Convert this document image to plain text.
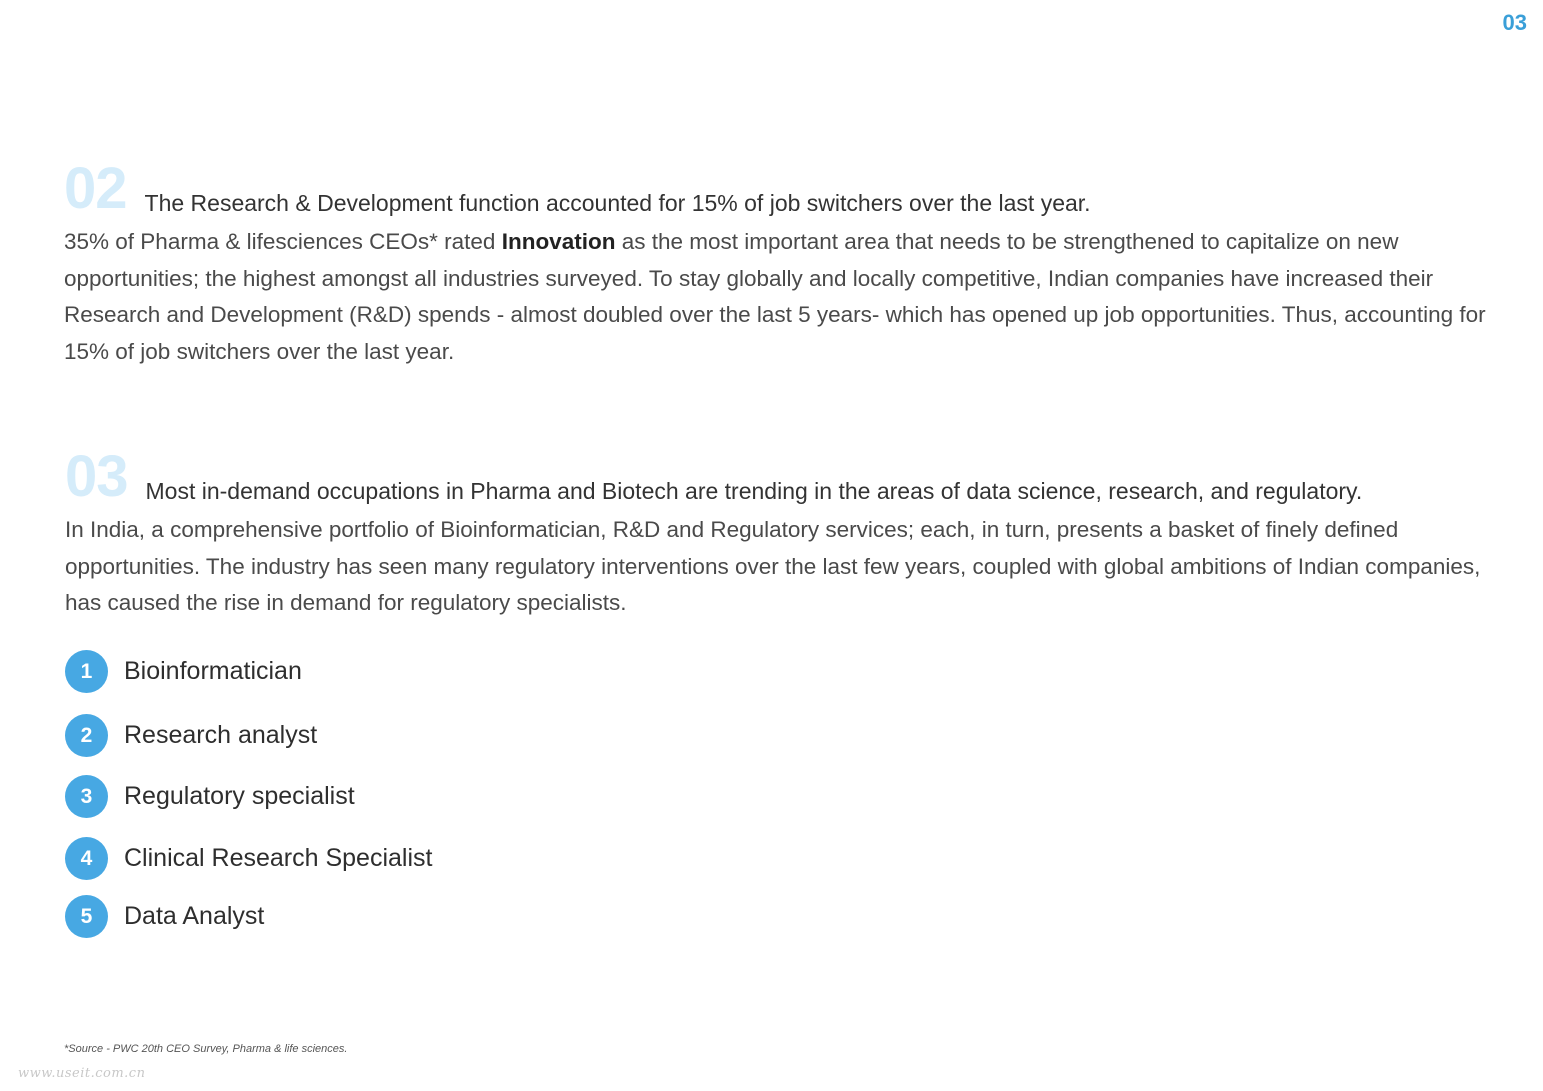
03
02 The Research & Development function accounted for 15% of job switchers over the last year.

35% of Pharma & lifesciences CEOs* rated Innovation as the most important area that needs to be strengthened to capitalize on new opportunities; the highest amongst all industries surveyed. To stay globally and locally competitive, Indian companies have increased their Research and Development (R&D) spends - almost doubled over the last 5 years- which has opened up job opportunities. Thus, accounting for 15% of job switchers over the last year.

03 Most in-demand occupations in Pharma and Biotech are trending in the areas of data science, research, and regulatory.

In India, a comprehensive portfolio of Bioinformatician, R&D and Regulatory services; each, in turn, presents a basket of finely defined opportunities. The industry has seen many regulatory interventions over the last few years, coupled with global ambitions of Indian companies, has caused the rise in demand for regulatory specialists.

1	Bioinformatician
2	Research analyst
3	Regulatory specialist
4	Clinical Research Specialist
5	Data Analyst
*Source - PWC 20th CEO Survey, Pharma & life sciences.
www.useit.com.cn
